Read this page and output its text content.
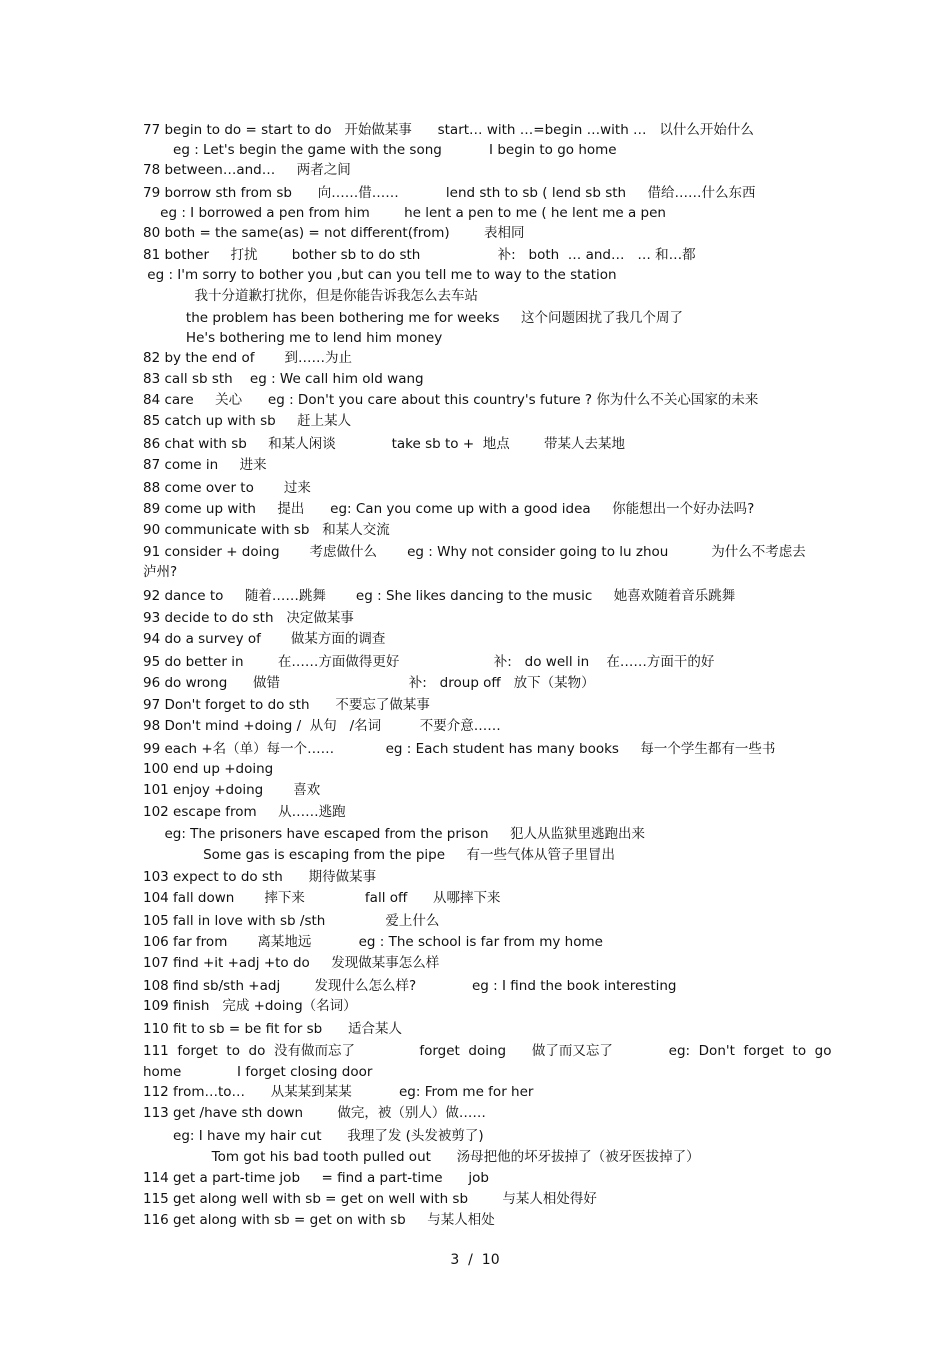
77 begin to do = start to do   开始做某事      start… with …=begin …with …   以什么开始什么
eg : Let's begin the game with the song           I begin to go home
78 between…and…     两者之间
79 borrow sth from sb      向……借……           lend sth to sb ( lend sb sth     借给……什么东西
eg : I borrowed a pen from him        he lent a pen to me ( he lent me a pen
80 both = the same(as) = not different(from)        表相同
81 bother     打扰        bother sb to do sth                  补:   both  … and…   … 和…都
eg : I'm sorry to bother you ,but can you tell me to way to the station
我十分道歉打扰你，但是你能告诉我怎么去车站
the problem has been bothering me for weeks     这个问题困扰了我几个周了
He's bothering me to lend him money
82 by the end of       到……为止
83 call sb sth    eg : We call him old wang
84 care     关心      eg : Don't you care about this country's future ? 你为什么不关心国家的未来
85 catch up with sb     赶上某人
86 chat with sb     和某人闲谈             take sb to +  地点        带某人去某地
87 come in     进来
88 come over to       过来
89 come up with     提出      eg: Can you come up with a good idea     你能想出一个好办法吗?
90 communicate with sb   和某人交流
91 consider + doing       考虑做什么       eg : Why not consider going to lu zhou          为什么不考虑去
泸州?
92 dance to     随着……跳舞       eg : She likes dancing to the music     她喜欢随着音乐跳舞
93 decide to do sth   决定做某事
94 do a survey of       做某方面的调查
95 do better in        在……方面做得更好                      补:   do well in    在……方面干的好
96 do wrong      做错                              补:   droup off   放下（某物）
97 Don't forget to do sth      不要忘了做某事
98 Don't mind +doing /  从句   /名词         不要介意……
99 each +名（单）每一个……            eg : Each student has many books     每一个学生都有一些书
100 end up +doing
101 enjoy +doing       喜欢
102 escape from     从……逃跑
eg: The prisoners have escaped from the prison     犯人从监狱里逃跑出来
Some gas is escaping from the pipe     有一些气体从管子里冒出
103 expect to do sth      期待做某事
104 fall down       摔下来              fall off      从哪摔下来
105 fall in love with sb /sth              爱上什么
106 far from       离某地远           eg : The school is far from my home
107 find +it +adj +to do     发现做某事怎么样
108 find sb/sth +adj        发现什么怎么样?             eg : I find the book interesting
109 finish   完成 +doing（名词）
110 fit to sb = be fit for sb      适合某人
111  forget  to  do  没有做而忘了               forget  doing      做了而又忘了             eg:  Don't  forget  to  go
home             I forget closing door
112 from…to…      从某某到某某           eg: From me for her
113 get /have sth down        做完，被（别人）做……
eg: I have my hair cut      我理了发 (头发被剪了)
Tom got his bad tooth pulled out      汤母把他的坏牙拔掉了（被牙医拔掉了）
114 get a part-time job     = find a part-time      job
115 get along well with sb = get on well with sb        与某人相处得好
116 get along with sb = get on with sb     与某人相处
3  /  10
